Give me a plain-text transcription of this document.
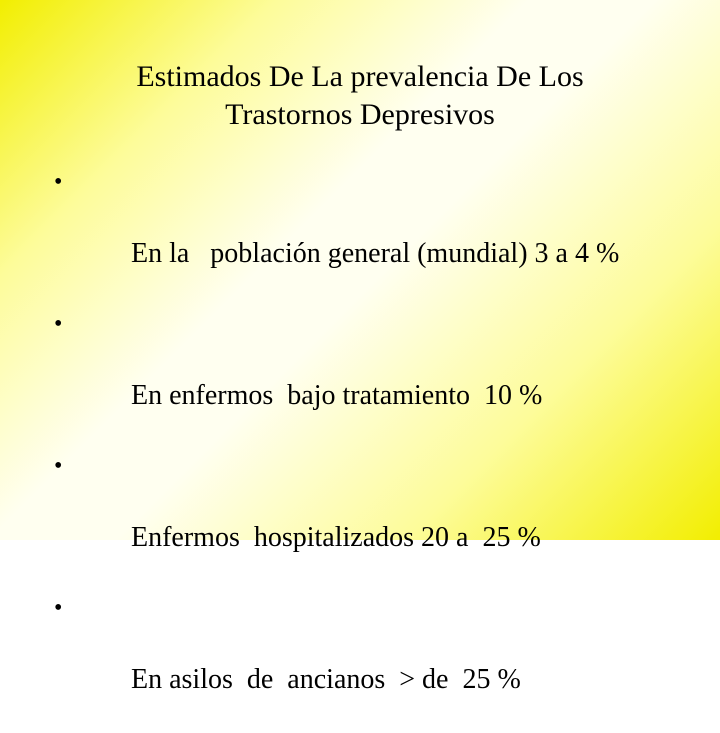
Estimados De La prevalencia De Los
Trastornos Depresivos

•

En la   población general (mundial) 3 a 4 %

•

En enfermos  bajo tratamiento  10 %

•

Enfermos  hospitalizados 20 a  25 %

•

En asilos  de  ancianos  > de  25 %
